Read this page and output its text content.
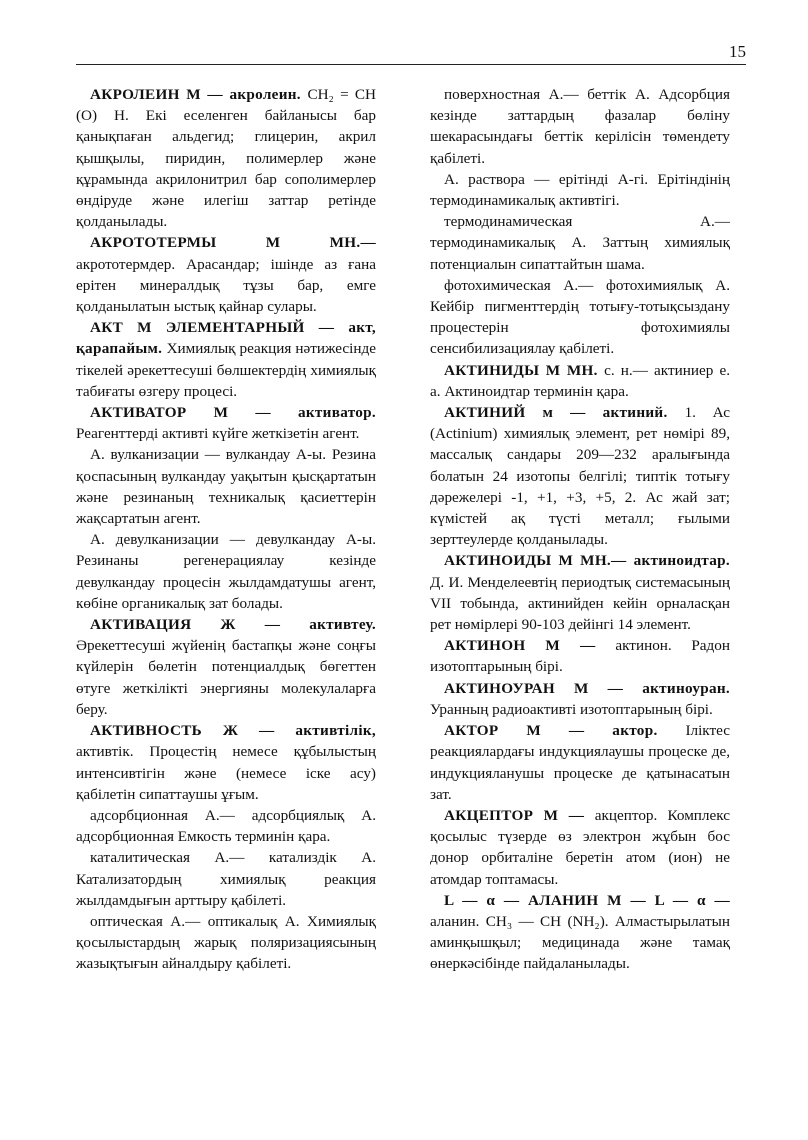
15

АКРОЛЕИН М — акролеин. CH₂ = CH (O) H. Екі еселенген байланысы бар қанықпаған альдегид; глицерин, акрил қышқылы, пиридин, полимерлер және құрамында акрилонитрил бар сополимерлер өндіруде және илегіш заттар ретінде қолданылады.

АКРОТОТЕРМЫ М МН.— акрототермдер. Арасандар; ішінде аз ғана ерітен минералдық тұзы бар, емге қолданылатын ыстық қайнар сулары.

АКТ М ЭЛЕМЕНТАРНЫЙ — акт, қарапайым. Химиялық реакция нәтижесінде тікелей әрекеттесуші бөлшектердің химиялық табиғаты өзгеру процесі.

АКТИВАТОР М — активатор. Реагенттерді активті күйге жеткізетін агент.

А. вулканизации — вулкандау А-ы. Резина қоспасының вулкандау уақытын қысқартатын және резинаның техникалық қасиеттерін жақсартатын агент.

А. девулканизации — девулкандау А-ы. Резинаны регенерациялау кезінде девулкандау процесін жылдамдатушы агент, көбіне органикалық зат болады.

АКТИВАЦИЯ Ж — активтеу. Әрекеттесуші жүйенің бастапқы және соңғы күйлерін бөлетін потенциалдық бөгеттен өтуге жеткілікті энергияны молекулаларға беру.

АКТИВНОСТЬ Ж — активтілік, активтік. Процестің немесе құбылыстың интенсивтігін және (немесе іске асу) қабілетін сипаттаушы ұғым.

адсорбционная А.— адсорбциялық А. адсорбционная Емкость терминін қара.

каталитическая А.— катализдік А. Катализатордың химиялық реакция жылдамдығын арттыру қабілеті.

оптическая А.— оптикалық А. Химиялық қосылыстардың жарық поляризациясының жазықтығын айналдыру қабілеті.

поверхностная А.— беттік А. Адсорбция кезінде заттардың фазалар бөліну шекарасындағы беттік керілісін төмендету қабілеті.

А. раствора — ерітінді А-гі. Ерітіндінің термодинамикалық активтігі.

термодинамическая А.— термодинамикалық А. Заттың химиялық потенциалын сипаттайтын шама.

фотохимическая А.— фотохимиялық А. Кейбір пигменттердің тотығу-тотықсыздану процестерін фотохимиялы сенсибилизациялау қабілеті.

АКТИНИДЫ М МН. с. н.— актиниер е. а. Актиноидтар терминін қара.

АКТИНИЙ м — актиний. 1. Ас (Actinium) химиялық элемент, рет нөмірі 89, массалық сандары 209—232 аралығында болатын 24 изотопы белгілі; типтік тотығу дәрежелері -1, +1, +3, +5, 2. Ас жай зат; күмістей ақ түсті металл; ғылыми зерттеулерде қолданылады.

АКТИНОИДЫ М МН.— актиноидтар. Д. И. Менделеевтің периодтық системасының VII тобында, актинийден кейін орналасқан рет нөмірлері 90-103 дейінгі 14 элемент.

АКТИНОН М — актинон. Радон изотоптарының бірі.

АКТИНОУРАН М — актиноуран. Уранның радиоактивті изотоптарының бірі.

АКТОР М — актор. Іліктес реакциялардағы индукциялаушы процеске де, индукцияланушы процеске де қатынасатын зат.

АКЦЕПТОР М — акцептор. Комплекс қосылыс түзерде өз электрон жұбын бос донор орбиталіне беретін атом (ион) не атомдар топтамасы.

L — α — АЛАНИН М — L — α — аланин. CH₃ — CH (NH₂). Алмастырылатын аминқышқыл; медицинада және тамақ өнеркәсібінде пайдаланылады.
